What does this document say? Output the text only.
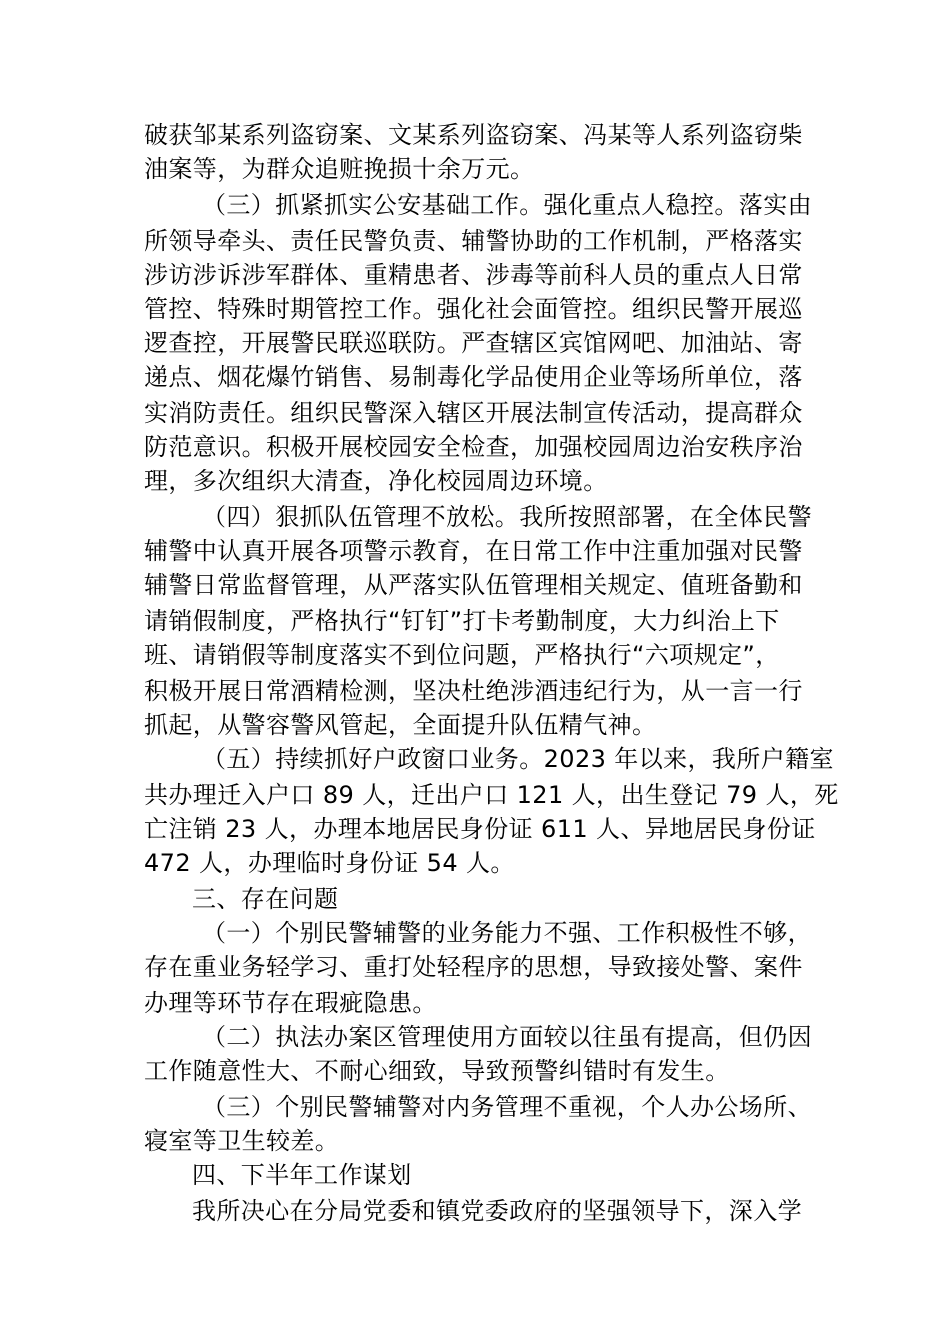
破获邹某系列盗窃案、文某系列盗窃案、冯某等人系列盗窃柴
油案等，为群众追赃挽损十余万元。
（三）抓紧抓实公安基础工作。强化重点人稳控。落实由
所领导牵头、责任民警负责、辅警协助的工作机制，严格落实
涉访涉诉涉军群体、重精患者、涉毒等前科人员的重点人日常
管控、特殊时期管控工作。强化社会面管控。组织民警开展巡
逻查控，开展警民联巡联防。严查辖区宾馆网吧、加油站、寄
递点、烟花爆竹销售、易制毒化学品使用企业等场所单位，落
实消防责任。组织民警深入辖区开展法制宣传活动，提高群众
防范意识。积极开展校园安全检查，加强校园周边治安秩序治
理，多次组织大清查，净化校园周边环境。
（四）狠抓队伍管理不放松。我所按照部署，在全体民警
辅警中认真开展各项警示教育，在日常工作中注重加强对民警
辅警日常监督管理，从严落实队伍管理相关规定、值班备勤和
请销假制度，严格执行“钉钉”打卡考勤制度，大力纠治上下
班、请销假等制度落实不到位问题，严格执行“六项规定”，
积极开展日常酒精检测，坚决杜绝涉酒违纪行为，从一言一行
抓起，从警容警风管起，全面提升队伍精气神。
（五）持续抓好户政窗口业务。2023 年以来，我所户籍室
共办理迁入户口 89 人，迁出户口 121 人，出生登记 79 人，死
亡注销 23 人，办理本地居民身份证 611 人、异地居民身份证
472 人，办理临时身份证 54 人。
三、存在问题
（一）个别民警辅警的业务能力不强、工作积极性不够，
存在重业务轻学习、重打处轻程序的思想，导致接处警、案件
办理等环节存在瑕疵隐患。
（二）执法办案区管理使用方面较以往虽有提高，但仍因
工作随意性大、不耐心细致，导致预警纠错时有发生。
（三）个别民警辅警对内务管理不重视，个人办公场所、
寝室等卫生较差。
四、下半年工作谋划
我所决心在分局党委和镇党委政府的坚强领导下，深入学
